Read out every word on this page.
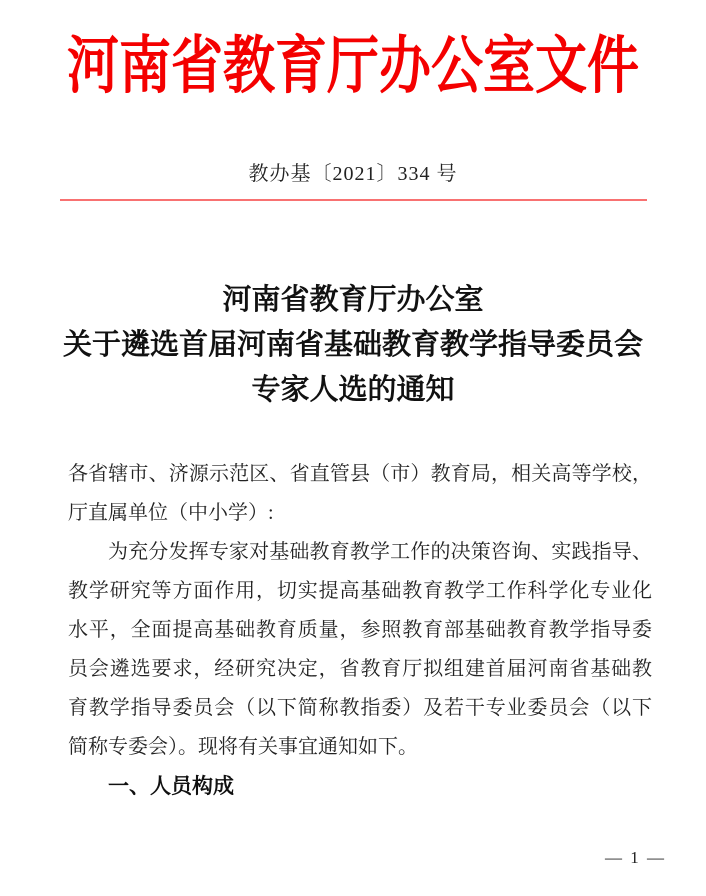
河南省教育厅办公室文件
教办基〔2021〕334 号
河南省教育厅办公室
关于遴选首届河南省基础教育教学指导委员会
专家人选的通知
各省辖市、济源示范区、省直管县（市）教育局，相关高等学校，
厅直属单位（中小学）:
为充分发挥专家对基础教育教学工作的决策咨询、实践指导、
教学研究等方面作用，切实提高基础教育教学工作科学化专业化
水平，全面提高基础教育质量，参照教育部基础教育教学指导委
员会遴选要求，经研究决定，省教育厅拟组建首届河南省基础教
育教学指导委员会（以下简称教指委）及若干专业委员会（以下
简称专委会）。现将有关事宜通知如下。
一、人员构成
— 1 —
